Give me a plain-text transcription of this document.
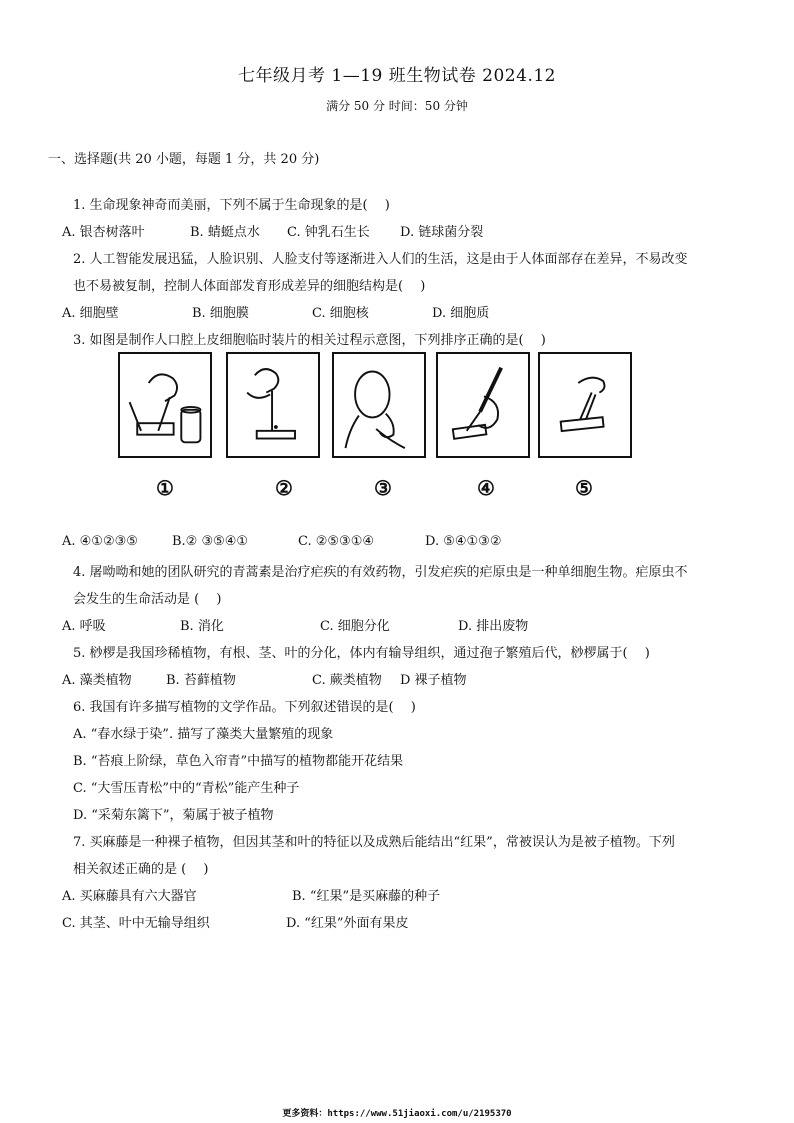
七年级月考 1—19 班生物试卷 2024.12
满分 50 分 时间：50 分钟
一、选择题(共 20 小题，每题 1 分，共 20 分)
1. 生命现象神奇而美丽，下列不属于生命现象的是(　 )
A. 银杏树落叶	B. 蜻蜓点水 C. 钟乳石生长 D. 链球菌分裂
2. 人工智能发展迅猛，人脸识别、人脸支付等逐渐进入人们的生活，这是由于人体面部存在差异，不易改变
也不易被复制，控制人体面部发育形成差异的细胞结构是(　 )
A. 细胞壁	B. 细胞膜	C. 细胞核	D. 细胞质
3. 如图是制作人口腔上皮细胞临时装片的相关过程示意图，下列排序正确的是(　 )
①	②	③	④	⑤
A. ④①②③⑤	B.② ③⑤④①	C. ②⑤③①④	D. ⑤④①③②
4. 屠呦呦和她的团队研究的青蒿素是治疗疟疾的有效药物，引发疟疾的疟原虫是一种单细胞生物。疟原虫不
会发生的生命活动是 (　 )
A. 呼吸	B. 消化	C. 细胞分化	D. 排出废物
5. 桫椤是我国珍稀植物，有根、茎、叶的分化，体内有输导组织，通过孢子繁殖后代，桫椤属于(　 )
A. 藻类植物	B. 苔藓植物	C. 蕨类植物 D 裸子植物
6. 我国有许多描写植物的文学作品。下列叙述错误的是(　 )
A. “春水绿于染”. 描写了藻类大量繁殖的现象
B. “苔痕上阶绿，草色入帘青”中描写的植物都能开花结果
C. “大雪压青松”中的“青松”能产生种子
D. “采菊东篱下”，菊属于被子植物
7. 买麻藤是一种裸子植物，但因其茎和叶的特征以及成熟后能结出“红果”，常被误认为是被子植物。下列
相关叙述正确的是 (　 )
A. 买麻藤具有六大器官	B. “红果”是买麻藤的种子
C. 其茎、叶中无输导组织	D. “红果”外面有果皮
更多资料：https://www.51jiaoxi.com/u/2195370
